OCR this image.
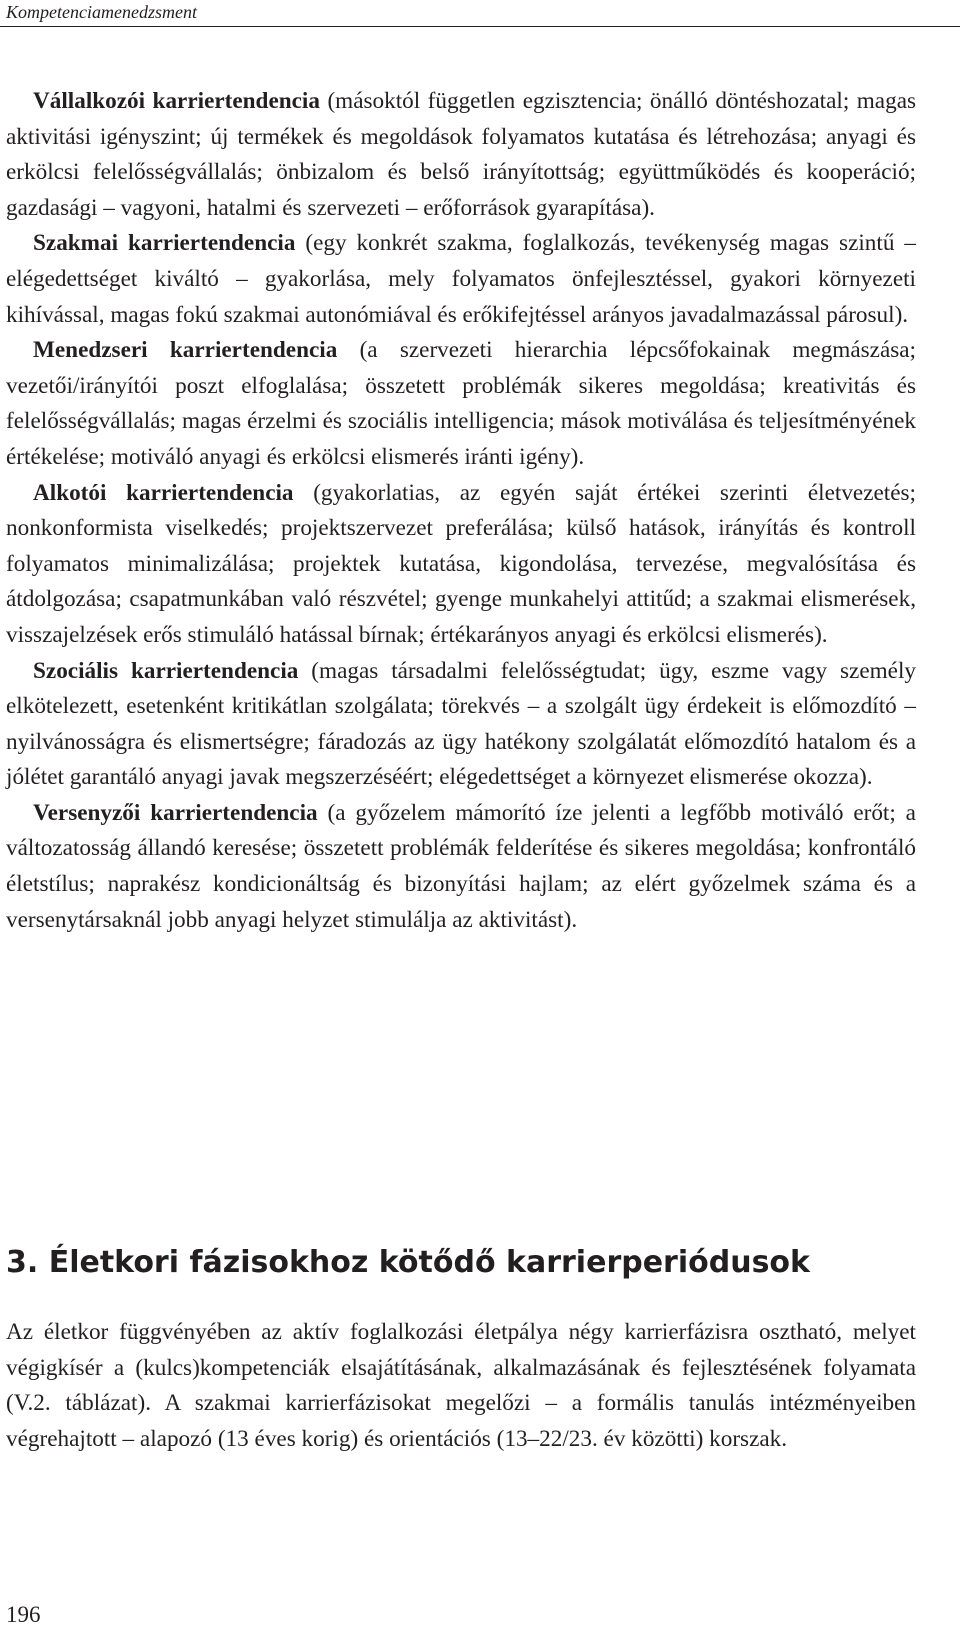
Kompetenciamenedzsment

Vállalkozói karriertendencia (másoktól független egzisztencia; önálló döntéshozatal; magas aktivitási igényszint; új termékek és megoldások folyamatos kutatása és létrehozása; anyagi és erkölcsi felelősségvállalás; önbizalom és belső irányítottság; együttműködés és kooperáció; gazdasági – vagyoni, hatalmi és szervezeti – erőforrások gyarapítása).

Szakmai karriertendencia (egy konkrét szakma, foglalkozás, tevékenység magas szintű – elégedettséget kiváltó – gyakorlása, mely folyamatos önfejlesztéssel, gyakori környezeti kihívással, magas fokú szakmai autonómiával és erőkifejtéssel arányos javadalmazással párosul).

Menedzseri karriertendencia (a szervezeti hierarchia lépcsőfokainak megmászása; vezetői/irányítói poszt elfoglalása; összetett problémák sikeres megoldása; kreativitás és felelősségvállalás; magas érzelmi és szociális intelligencia; mások motiválása és teljesítményének értékelése; motiváló anyagi és erkölcsi elismerés iránti igény).

Alkotói karriertendencia (gyakorlatias, az egyén saját értékei szerinti életvezetés; nonkonformista viselkedés; projektszervezet preferálása; külső hatások, irányítás és kontroll folyamatos minimalizálása; projektek kutatása, kigondolása, tervezése, megvalósítása és átdolgozása; csapatmunkában való részvétel; gyenge munkahelyi attitűd; a szakmai elismerések, visszajelzések erős stimuláló hatással bírnak; értékarányos anyagi és erkölcsi elismerés).

Szociális karriertendencia (magas társadalmi felelősségtudat; ügy, eszme vagy személy elkötelezett, esetenként kritikátlan szolgálata; törekvés – a szolgált ügy érdekeit is előmozdító – nyilvánosságra és elismertségre; fáradozás az ügy hatékony szolgálatát előmozdító hatalom és a jólétet garantáló anyagi javak megszerzéséért; elégedettséget a környezet elismerése okozza).

Versenyzői karriertendencia (a győzelem mámorító íze jelenti a legfőbb motiváló erőt; a változatosság állandó keresése; összetett problémák felderítése és sikeres megoldása; konfrontáló életstílus; naprakész kondicionáltság és bizonyítási hajlam; az elért győzelmek száma és a versenytársaknál jobb anyagi helyzet stimulálja az aktivitást).

3. Életkori fázisokhoz kötődő karrierperiódusok

Az életkor függvényében az aktív foglalkozási életpálya négy karrierfázisra osztható, melyet végigkísér a (kulcs)kompetenciák elsajátításának, alkalmazásának és fejlesztésének folyamata (V.2. táblázat). A szakmai karrierfázisokat megelőzi – a formális tanulás intézményeiben végrehajtott – alapozó (13 éves korig) és orientációs (13–22/23. év közötti) korszak.

196
